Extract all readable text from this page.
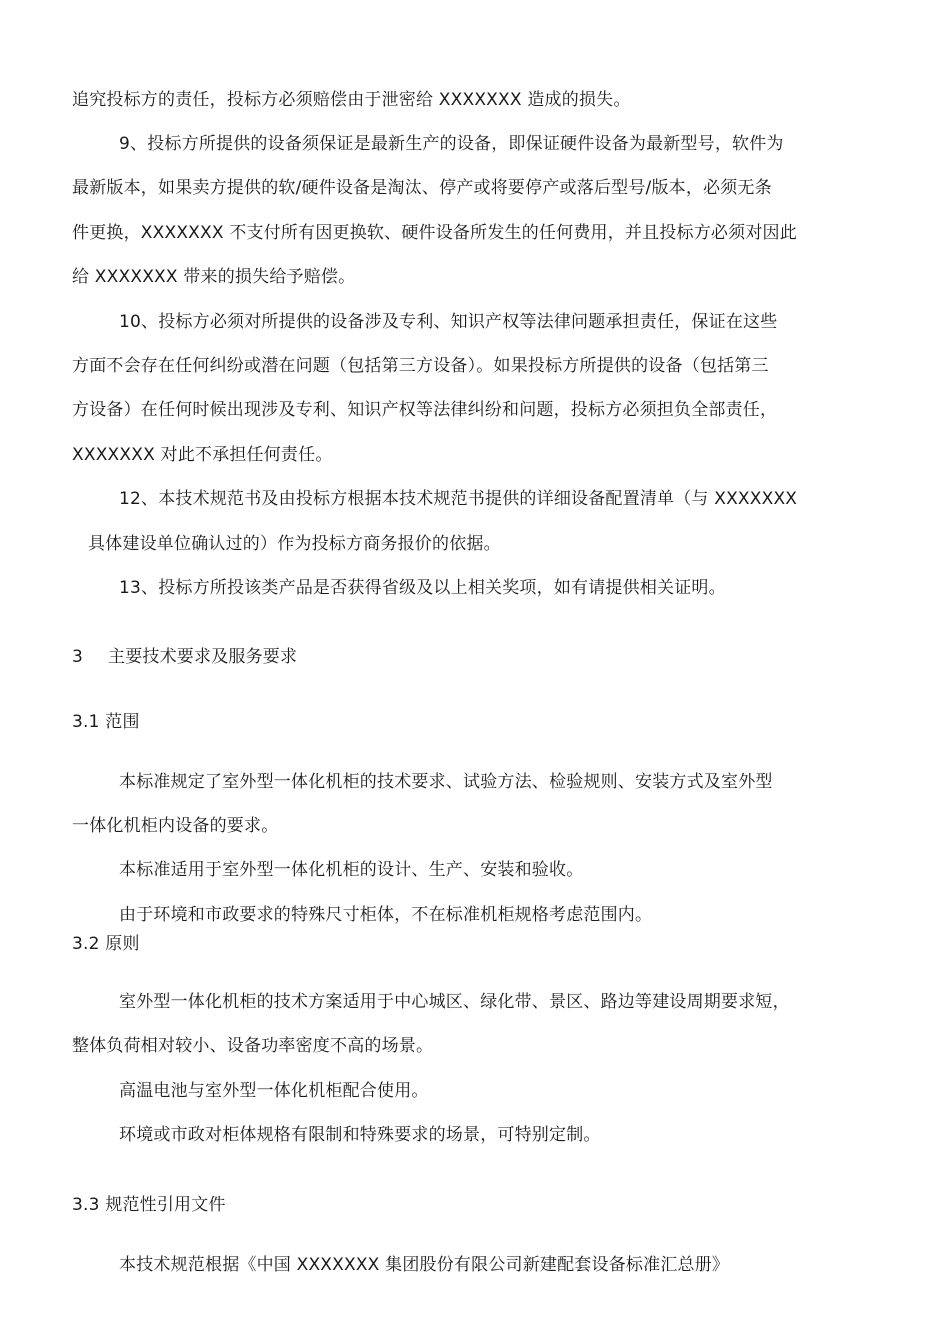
追究投标方的责任，投标方必须赔偿由于泄密给 XXXXXXX 造成的损失。
9、投标方所提供的设备须保证是最新生产的设备，即保证硬件设备为最新型号，软件为
最新版本，如果卖方提供的软/硬件设备是淘汰、停产或将要停产或落后型号/版本，必须无条
件更换，XXXXXXX 不支付所有因更换软、硬件设备所发生的任何费用，并且投标方必须对因此
给 XXXXXXX 带来的损失给予赔偿。
10、投标方必须对所提供的设备涉及专利、知识产权等法律问题承担责任，保证在这些
方面不会存在任何纠纷或潜在问题（包括第三方设备）。如果投标方所提供的设备（包括第三
方设备）在任何时候出现涉及专利、知识产权等法律纠纷和问题，投标方必须担负全部责任，
XXXXXXX 对此不承担任何责任。
12、本技术规范书及由投标方根据本技术规范书提供的详细设备配置清单（与 XXXXXXX
具体建设单位确认过的）作为投标方商务报价的依据。
13、投标方所投该类产品是否获得省级及以上相关奖项，如有请提供相关证明。
3 主要技术要求及服务要求
3.1 范围
本标准规定了室外型一体化机柜的技术要求、试验方法、检验规则、安装方式及室外型
一体化机柜内设备的要求。
本标准适用于室外型一体化机柜的设计、生产、安装和验收。
由于环境和市政要求的特殊尺寸柜体，不在标准机柜规格考虑范围内。
3.2 原则
室外型一体化机柜的技术方案适用于中心城区、绿化带、景区、路边等建设周期要求短，
整体负荷相对较小、设备功率密度不高的场景。
高温电池与室外型一体化机柜配合使用。
环境或市政对柜体规格有限制和特殊要求的场景，可特别定制。
3.3 规范性引用文件
本技术规范根据《中国 XXXXXXX 集团股份有限公司新建配套设备标准汇总册》
